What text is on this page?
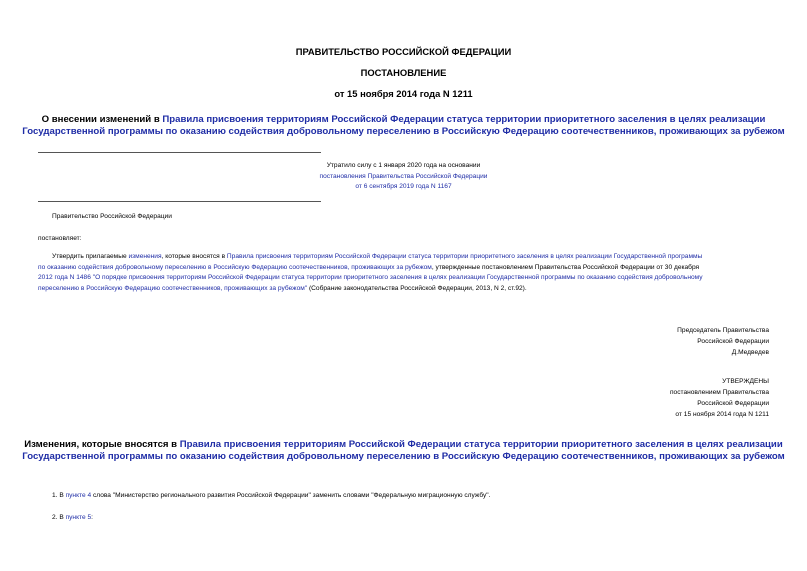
ПРАВИТЕЛЬСТВО РОССИЙСКОЙ ФЕДЕРАЦИИ
ПОСТАНОВЛЕНИЕ
от 15 ноября 2014 года N 1211
О внесении изменений в Правила присвоения территориям Российской Федерации статуса территории приоритетного заселения в целях реализации
Государственной программы по оказанию содействия добровольному переселению в Российскую Федерацию соотечественников, проживающих за рубежом
Утратило силу с 1 января 2020 года на основании
постановления Правительства Российской Федерации
от 6 сентября 2019 года N 1167
Правительство Российской Федерации
постановляет:
Утвердить прилагаемые изменения, которые вносятся в Правила присвоения территориям Российской Федерации статуса территории приоритетного заселения в целях реализации Государственной программы
по оказанию содействия добровольному переселению в Российскую Федерацию соотечественников, проживающих за рубежом, утвержденные постановлением Правительства Российской Федерации от 30 декабря
2012 года N 1486 "О порядке присвоения территориям Российской Федерации статуса территории приоритетного заселения в целях реализации Государственной программы по оказанию содействия добровольному
переселению в Российскую Федерацию соотечественников, проживающих за рубежом" (Собрание законодательства Российской Федерации, 2013, N 2, ст.92).
Председатель Правительства
Российской Федерации
Д.Медведев
УТВЕРЖДЕНЫ
постановлением Правительства
Российской Федерации
от 15 ноября 2014 года N 1211
Изменения, которые вносятся в Правила присвоения территориям Российской Федерации статуса территории приоритетного заселения в целях реализации
Государственной программы по оказанию содействия добровольному переселению в Российскую Федерацию соотечественников, проживающих за рубежом
1. В пункте 4 слова "Министерство регионального развития Российской Федерации" заменить словами "Федеральную миграционную службу".
2. В пункте 5:
